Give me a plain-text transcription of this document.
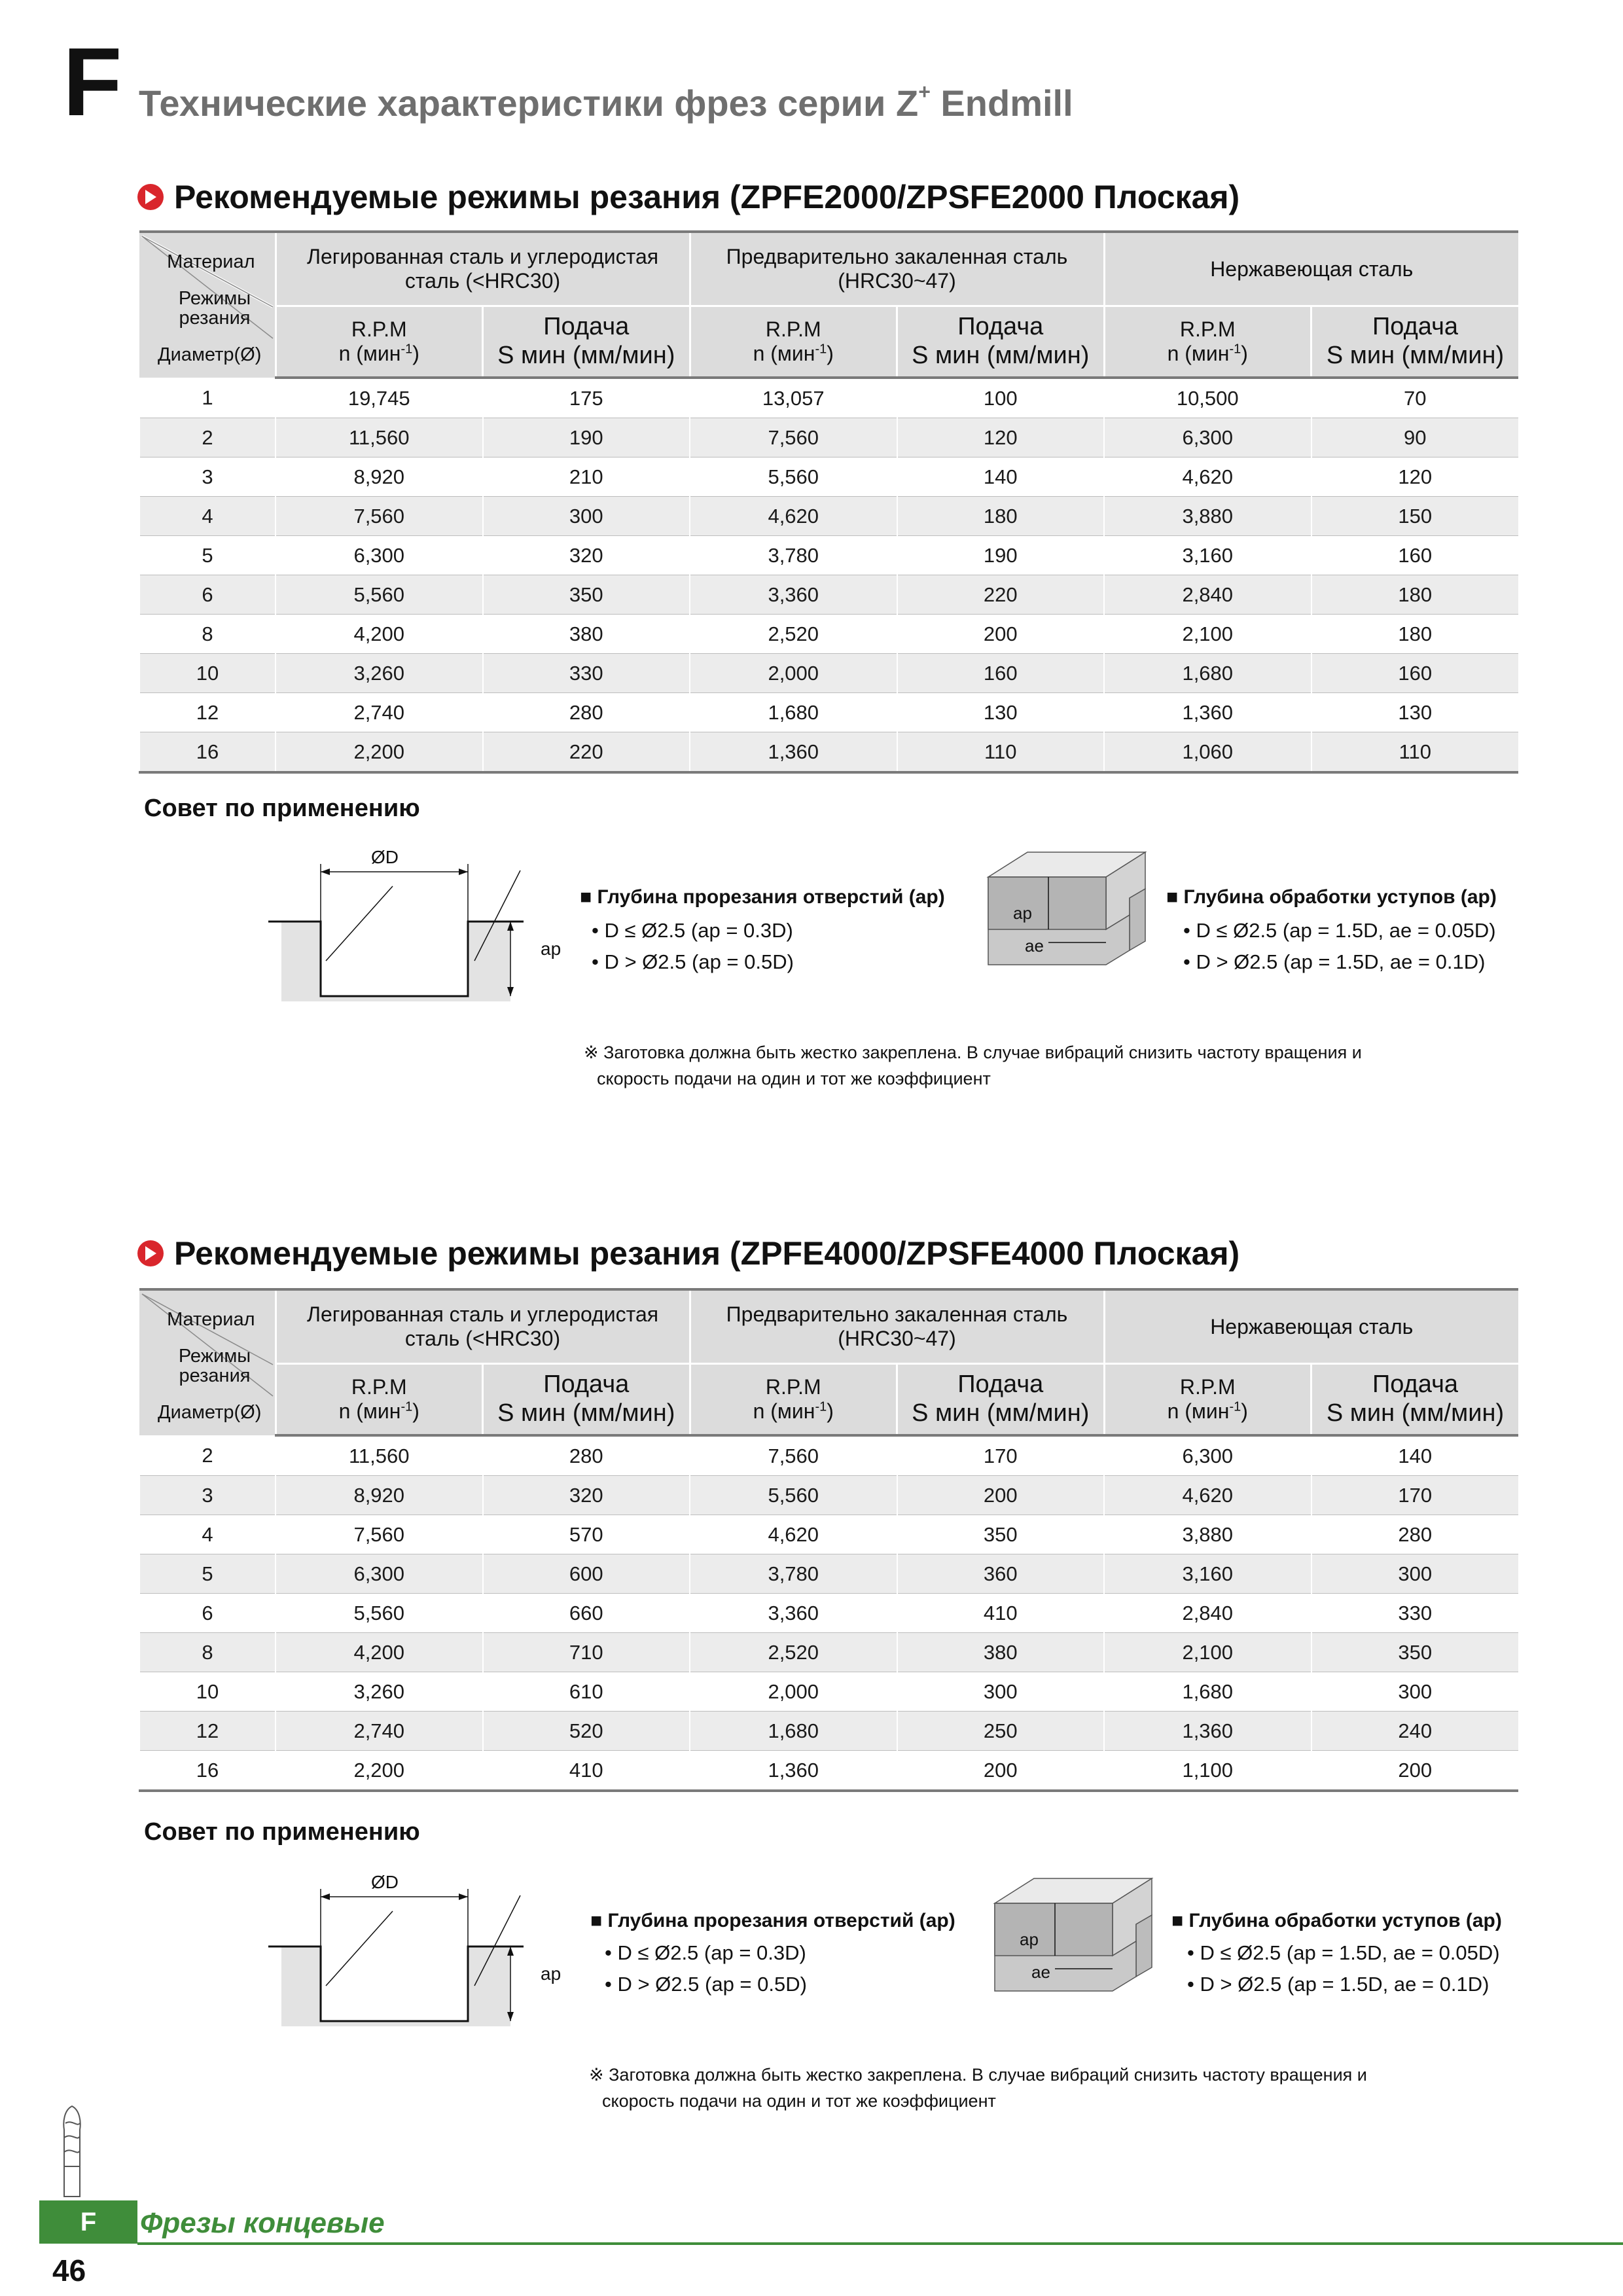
F Технические характеристики фрез серии Z+ Endmill
Рекомендуемые режимы резания (ZPFE2000/ZPSFE2000 Плоская)
Материал
Режимы резания
Диаметр(Ø)	Легированная сталь и углеродистая
сталь (<HRC30)		Предварительно закаленная сталь
(HRC30~47)		Нержавеющая сталь	
	R.P.M
n (мин$^{-1}$)	Подача
S мин (мм/мин)	R.P.M
n (мин$^{-1}$)	Подача
S мин (мм/мин)	R.P.M
n (мин$^{-1}$)	Подача
S мин (мм/мин)
1	19,745	175	13,057	100	10,500	70
2	11,560	190	7,560	120	6,300	90
3	8,920	210	5,560	140	4,620	120
4	7,560	300	4,620	180	3,880	150
5	6,300	320	3,780	190	3,160	160
6	5,560	350	3,360	220	2,840	180
8	4,200	380	2,520	200	2,100	180
10	3,260	330	2,000	160	1,680	160
12	2,740	280	1,680	130	1,360	130
16	2,200	220	1,360	110	1,060	110
Совет по применению
ØD
ap
■ Глубина прорезания отверстий (ap)
• D ≤ Ø2.5 (ap = 0.3D)
• D > Ø2.5 (ap = 0.5D)
ap
ae
■ Глубина обработки уступов (ap)
• D ≤ Ø2.5 (ap = 1.5D, ae = 0.05D)
• D > Ø2.5 (ap = 1.5D, ae = 0.1D)
※ Заготовка должна быть жестко закреплена. В случае вибраций снизить частоту вращения и
скорость подачи на один и тот же коэффициент
Рекомендуемые режимы резания (ZPFE4000/ZPSFE4000 Плоская)
Материал
Режимы резания
Диаметр(Ø)	Легированная сталь и углеродистая
сталь (<HRC30)		Предварительно закаленная сталь
(HRC30~47)		Нержавеющая сталь	
	R.P.M
n (мин$^{-1}$)	Подача
S мин (мм/мин)	R.P.M
n (мин$^{-1}$)	Подача
S мин (мм/мин)	R.P.M
n (мин$^{-1}$)	Подача
S мин (мм/мин)
2	11,560	280	7,560	170	6,300	140
3	8,920	320	5,560	200	4,620	170
4	7,560	570	4,620	350	3,880	280
5	6,300	600	3,780	360	3,160	300
6	5,560	660	3,360	410	2,840	330
8	4,200	710	2,520	380	2,100	350
10	3,260	610	2,000	300	1,680	300
12	2,740	520	1,680	250	1,360	240
16	2,200	410	1,360	200	1,100	200
Совет по применению
ØD
ap
■ Глубина прорезания отверстий (ap)
• D ≤ Ø2.5 (ap = 0.3D)
• D > Ø2.5 (ap = 0.5D)
ap
ae
■ Глубина обработки уступов (ap)
• D ≤ Ø2.5 (ap = 1.5D, ae = 0.05D)
• D > Ø2.5 (ap = 1.5D, ae = 0.1D)
※ Заготовка должна быть жестко закреплена. В случае вибраций снизить частоту вращения и
скорость подачи на один и тот же коэффициент
F	Фрезы концевые
46
